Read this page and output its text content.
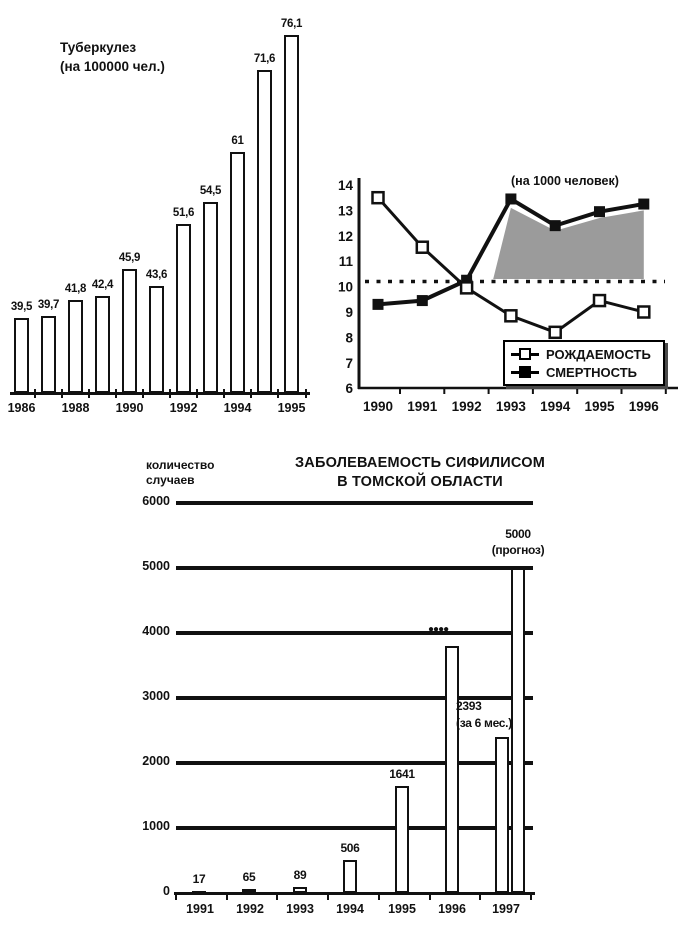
Туберкулез
(на 100000 чел.)
39,5 39,7
41,8 42,4
45,9
43,6
51,6
54,5
61
71,6
76,1
1986	1988	1990	1992	1994	1995
14
13
12
11
10
9
8
7
6
1990 1991 1992 1993 1994 1995 1996
(на 1000 человек)
РОЖДАЕМОСТЬ
СМЕРТНОСТЬ
количество
случаев
ЗАБОЛЕВАЕМОСТЬ СИФИЛИСОМ
В ТОМСКОЙ ОБЛАСТИ
6000
5000
4000
3000
2000
1000
0
17	65	89
506
1641
●●●●
2393
(за 6 мес.)
5000
(прогноз)
1991	1992	1993	1994	1995	1996	1997
